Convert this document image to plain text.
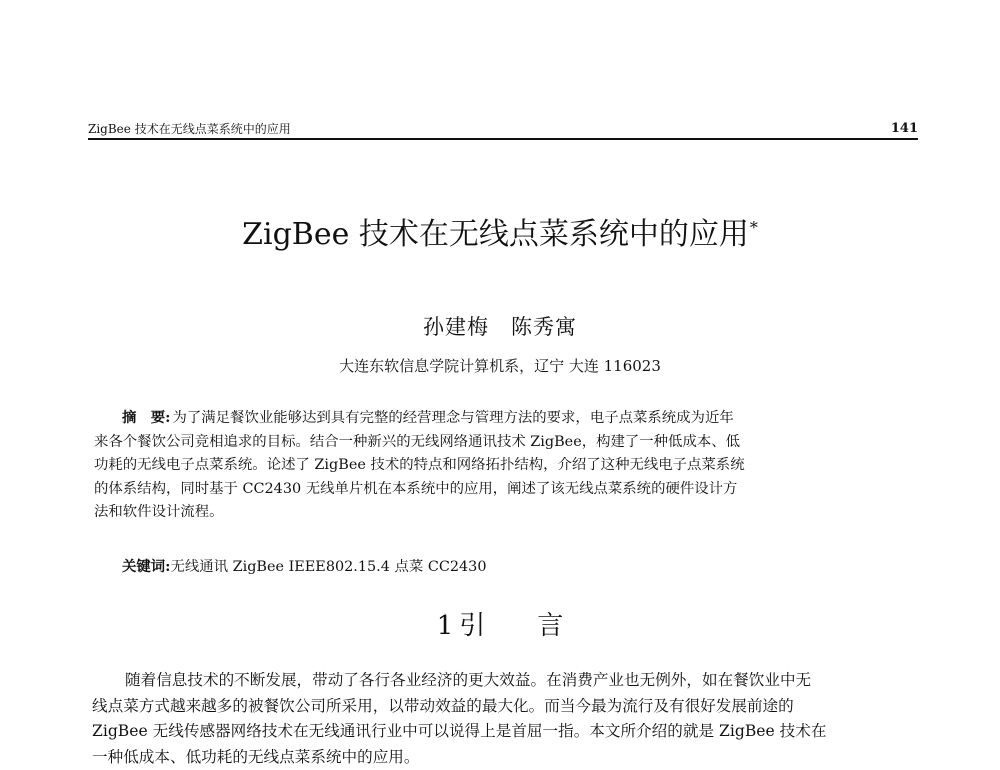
ZigBee 技术在无线点菜系统中的应用	141
ZigBee 技术在无线点菜系统中的应用*
孙建梅　陈秀寓
大连东软信息学院计算机系，辽宁 大连 116023
摘　要: 为了满足餐饮业能够达到具有完整的经营理念与管理方法的要求，电子点菜系统成为近年
来各个餐饮公司竞相追求的目标。结合一种新兴的无线网络通讯技术 ZigBee，构建了一种低成本、低
功耗的无线电子点菜系统。论述了 ZigBee 技术的特点和网络拓扑结构，介绍了这种无线电子点菜系统
的体系结构，同时基于 CC2430 无线单片机在本系统中的应用，阐述了该无线点菜系统的硬件设计方
法和软件设计流程。
关键词:无线通讯 ZigBee IEEE802.15.4 点菜 CC2430
1 引 言
随着信息技术的不断发展，带动了各行各业经济的更大效益。在消费产业也无例外，如在餐饮业中无
线点菜方式越来越多的被餐饮公司所采用，以带动效益的最大化。而当今最为流行及有很好发展前途的
ZigBee 无线传感器网络技术在无线通讯行业中可以说得上是首屈一指。本文所介绍的就是 ZigBee 技术在
一种低成本、低功耗的无线点菜系统中的应用。
